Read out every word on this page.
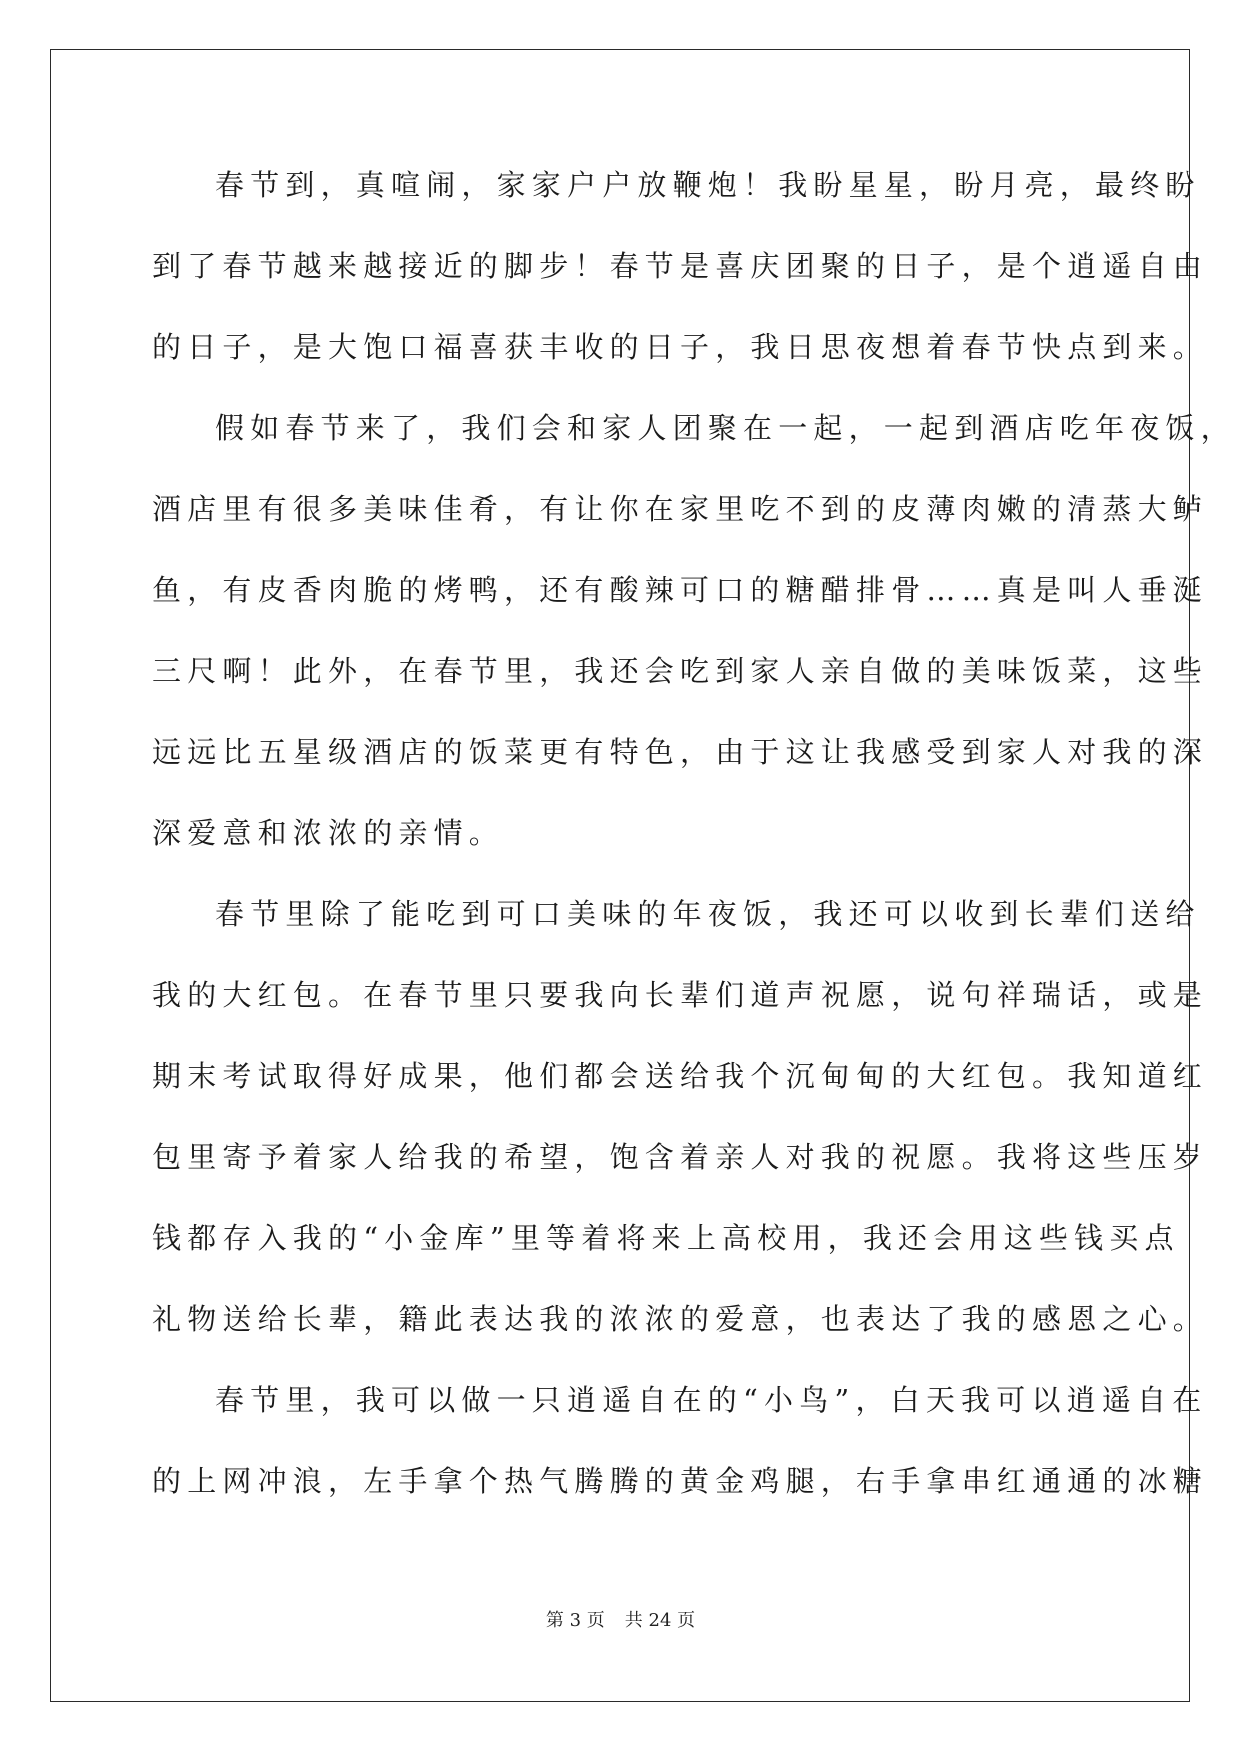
春节到，真喧闹，家家户户放鞭炮！我盼星星，盼月亮，最终盼
到了春节越来越接近的脚步！春节是喜庆团聚的日子，是个逍遥自由
的日子，是大饱口福喜获丰收的日子，我日思夜想着春节快点到来。
假如春节来了，我们会和家人团聚在一起，一起到酒店吃年夜饭，
酒店里有很多美味佳肴，有让你在家里吃不到的皮薄肉嫩的清蒸大鲈
鱼，有皮香肉脆的烤鸭，还有酸辣可口的糖醋排骨……真是叫人垂涎
三尺啊！此外，在春节里，我还会吃到家人亲自做的美味饭菜，这些
远远比五星级酒店的饭菜更有特色，由于这让我感受到家人对我的深
深爱意和浓浓的亲情。
春节里除了能吃到可口美味的年夜饭，我还可以收到长辈们送给
我的大红包。在春节里只要我向长辈们道声祝愿，说句祥瑞话，或是
期末考试取得好成果，他们都会送给我个沉甸甸的大红包。我知道红
包里寄予着家人给我的希望，饱含着亲人对我的祝愿。我将这些压岁
钱都存入我的“小金库”里等着将来上高校用，我还会用这些钱买点
礼物送给长辈，籍此表达我的浓浓的爱意，也表达了我的感恩之心。
春节里，我可以做一只逍遥自在的“小鸟”，白天我可以逍遥自在
的上网冲浪，左手拿个热气腾腾的黄金鸡腿，右手拿串红通通的冰糖
第 3 页 共 24 页
